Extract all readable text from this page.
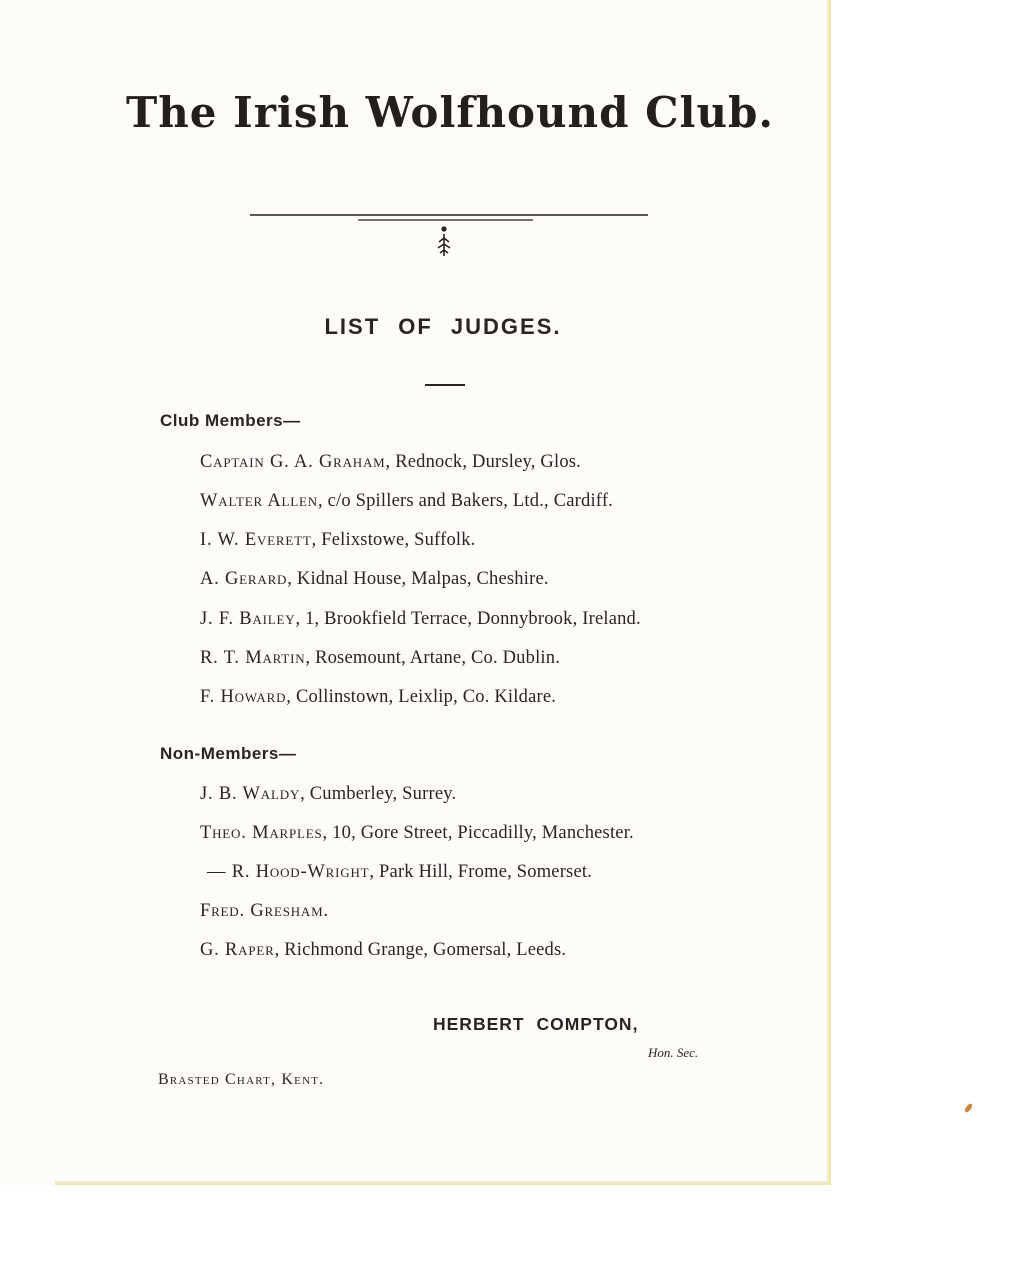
The Irish Wolfhound Club.
LIST OF JUDGES.

Club Members—

Captain G. A. Graham, Rednock, Dursley, Glos.
Walter Allen, c/o Spillers and Bakers, Ltd., Cardiff.
I. W. Everett, Felixstowe, Suffolk.
A. Gerard, Kidnal House, Malpas, Cheshire.
J. F. Bailey, 1, Brookfield Terrace, Donnybrook, Ireland.
R. T. Martin, Rosemount, Artane, Co. Dublin.
F. Howard, Collinstown, Leixlip, Co. Kildare.

Non-Members—

J. B. Waldy, Cumberley, Surrey.
Theo. Marples, 10, Gore Street, Piccadilly, Manchester.
— R. Hood-Wright, Park Hill, Frome, Somerset.
Fred. Gresham.
G. Raper, Richmond Grange, Gomersal, Leeds.
HERBERT COMPTON,
Hon. Sec.
Brasted Chart, Kent.
